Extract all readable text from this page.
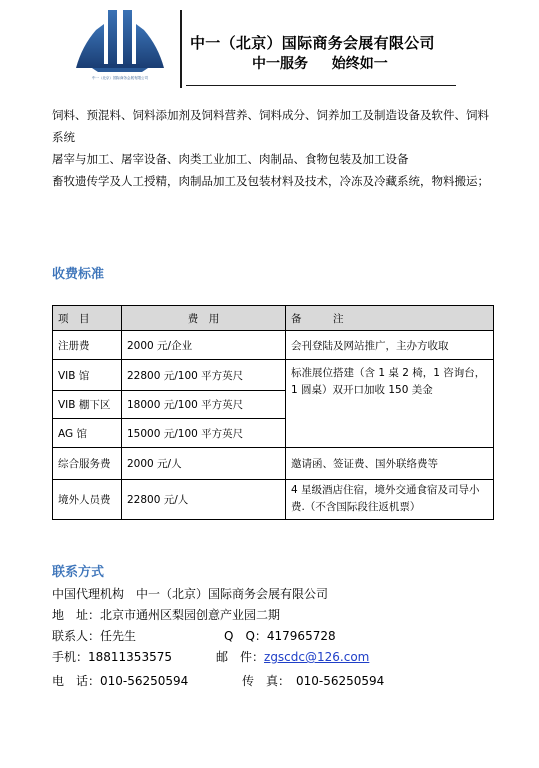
中一（北京）国际商务会展有限公司
中一（北京）国际商务会展有限公司
中一服务 始终如一

饲料、预混料、饲料添加剂及饲料营养、饲料成分、饲养加工及制造设备及软件、饲料系统

屠宰与加工、屠宰设备、肉类工业加工、肉制品、食物包装及加工设备

畜牧遗传学及人工授精，肉制品加工及包装材料及技术，冷冻及冷藏系统，物料搬运；

收费标准
项　目	费　用	备　　　注
注册费	2000 元/企业	会刊登陆及网站推广，主办方收取
VIB 馆	22800 元/100 平方英尺	标准展位搭建（含 1 桌 2 椅，1 咨询台，1 圆桌）双开口加收 150 美金
VIB 棚下区	18000 元/100 平方英尺	
AG 馆	15000 元/100 平方英尺	
综合服务费	2000 元/人	邀请函、签证费、国外联络费等
境外人员费	22800 元/人	4 星级酒店住宿，境外交通食宿及司导小费.（不含国际段往返机票）
联系方式
中国代理机构　中一（北京）国际商务会展有限公司
地　址：北京市通州区梨园创意产业园二期
联系人：任先生	Q　Q：417965728
手机：18811353575	邮　件：zgscdc@126.com
电　话：010-56250594	传　真：　010-56250594
